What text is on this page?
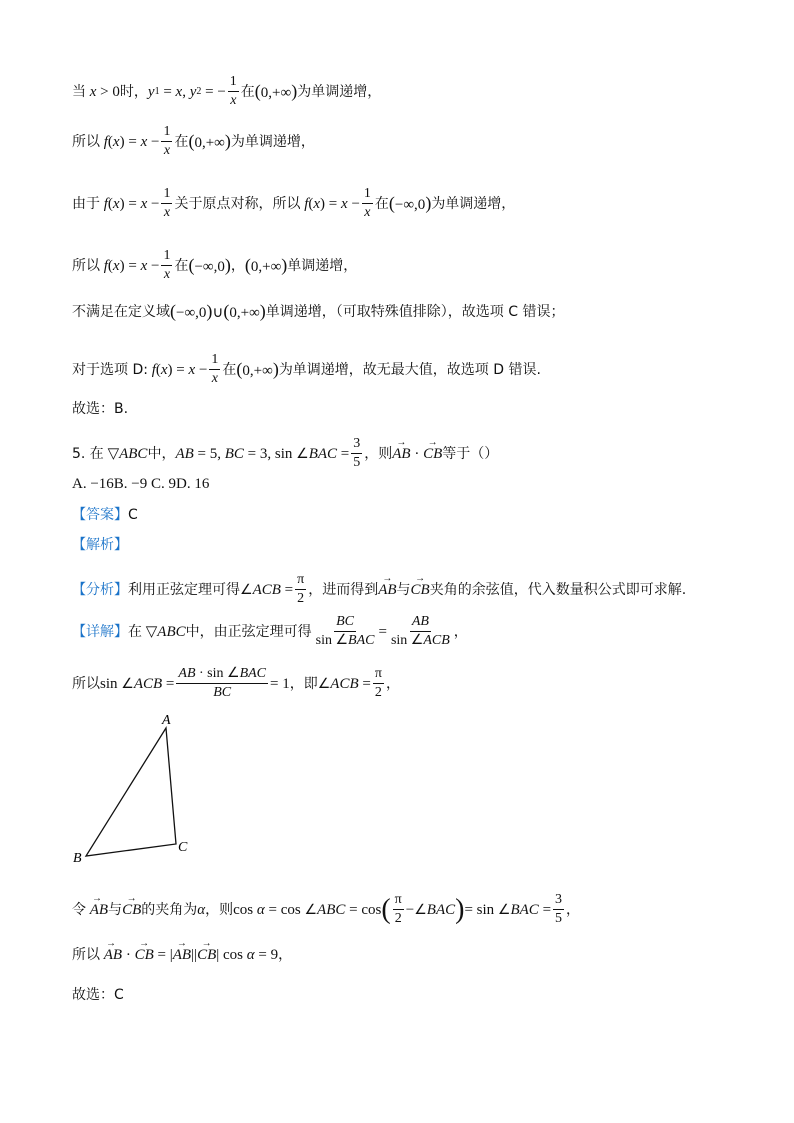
当 x > 0 时， y 1 = x , y 2 = − $\frac{1}{x}$ 在 (0,+∞) 为单调递增，
所以 f ( x ) = $x - \frac{1}{x}$ 在 (0,+∞) 为单调递增，
由于 f ( x ) = $x - \frac{1}{x}$ 关于原点对称，所以 f ( x ) = $x - \frac{1}{x}$ 在 (−∞,0) 为单调递增，
所以 f ( x ) = $x - \frac{1}{x}$ 在 (−∞,0) ， (0,+∞) 单调递增，
不满足在定义域 (−∞,0)∪(0,+∞) 单调递增，（可取特殊值排除），故选项 C 错误；
对于选项 D: f ( x ) = $x - \frac{1}{x}$ 在 (0,+∞) 为单调递增，故无最大值，故选项 D 错误.
故选：B.
5. 在 ▽ ABC 中， AB = 5, BC = 3, sin ∠ BAC = $\frac{3}{5}$ ，则 → AB · → CB 等于（）
A. −16B. −9 C. 9D. 16
【答案】 C
【解析】
【分析】 利用正弦定理可得 ∠ ACB = $\frac{\pi}{2}$ ，进而得到 → AB 与 → CB 夹角的余弦值，代入数量积公式即可求解.
【详解】 在 ▽ ABC 中，由正弦定理可得 $\frac{BC}{\text{sin ∠BAC}} = \frac{AB}{\text{sin ∠ACB}}$ ，
所以 sin ∠ ACB = $\frac{\text{AB · sin ∠BAC}}{BC} = 1$ ，即 ∠ ACB = $\frac{\pi}{2}$ ，
A
B
C
令 →  AB 与 → CB 的夹角为 α ，则 cos α = cos ∠ ABC = cos ( $\frac{\pi}{2}$ − ∠ BAC ) = sin ∠ BAC = $\frac{3}{5}$ ，
所以 →  AB · → CB = | → AB || → CB | cos α = 9 ，
故选：C
